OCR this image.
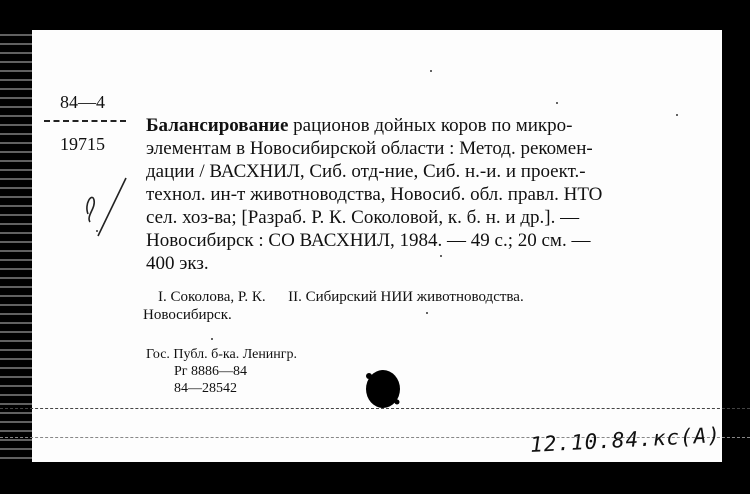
84—4
19715
Балансирование рационов дойных коров по микро-
элементам в Новосибирской области : Метод. рекомен-
дации / ВАСХНИЛ, Сиб. отд-ние, Сиб. н.-и. и проект.-
технол. ин-т животноводства, Новосиб. обл. правл. НТО
сел. хоз-ва; [Разраб. Р. К. Соколовой, к. б. н. и др.]. —
Новосибирск : СО ВАСХНИЛ, 1984. — 49 с.; 20 см. —
400 экз.
I. Соколова, Р. К.      II. Сибирский НИИ животноводства.
Новосибирск.
Гос. Публ. б-ка. Ленингр.
Рг 8886—84
84—28542
12.10.84.кс(А)
